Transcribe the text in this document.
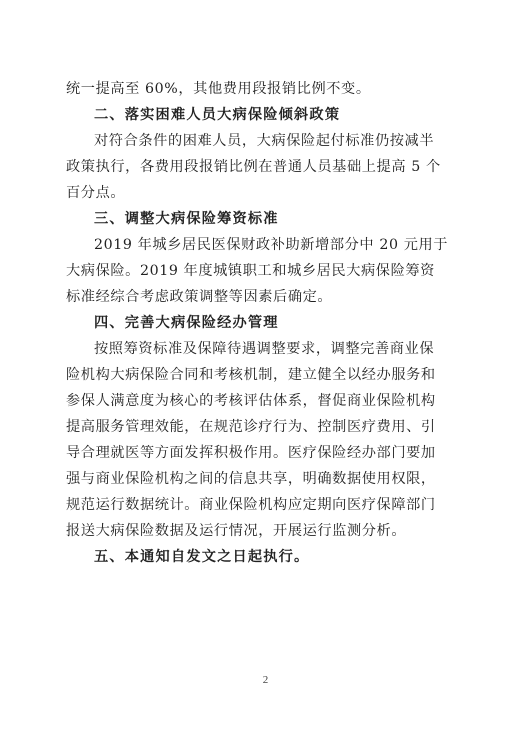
统一提高至 60%，其他费用段报销比例不变。
二、落实困难人员大病保险倾斜政策
对符合条件的困难人员，大病保险起付标准仍按减半
政策执行，各费用段报销比例在普通人员基础上提高 5 个
百分点。
三、调整大病保险筹资标准
2019 年城乡居民医保财政补助新增部分中 20 元用于
大病保险。2019 年度城镇职工和城乡居民大病保险筹资
标准经综合考虑政策调整等因素后确定。
四、完善大病保险经办管理
按照筹资标准及保障待遇调整要求，调整完善商业保
险机构大病保险合同和考核机制，建立健全以经办服务和
参保人满意度为核心的考核评估体系，督促商业保险机构
提高服务管理效能，在规范诊疗行为、控制医疗费用、引
导合理就医等方面发挥积极作用。医疗保险经办部门要加
强与商业保险机构之间的信息共享，明确数据使用权限，
规范运行数据统计。商业保险机构应定期向医疗保障部门
报送大病保险数据及运行情况，开展运行监测分析。
五、本通知自发文之日起执行。
2
